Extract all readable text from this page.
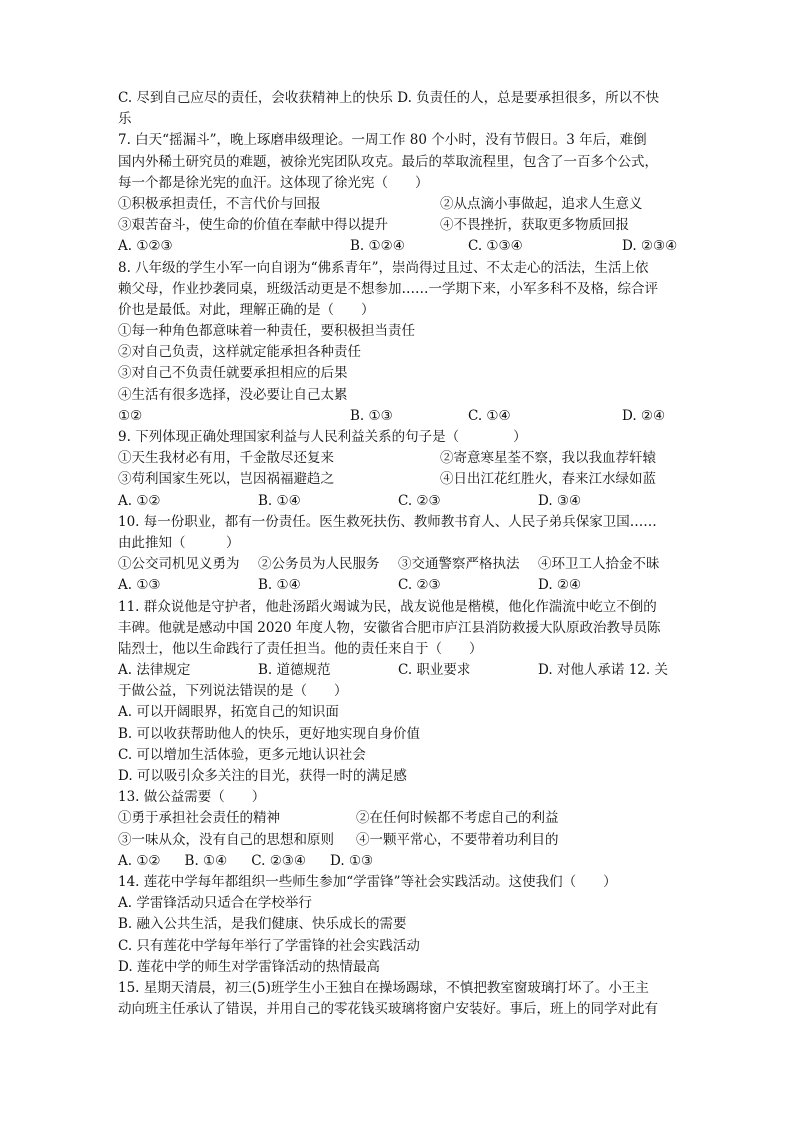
C. 尽到自己应尽的责任，会收获精神上的快乐 D. 负责任的人，总是要承担很多，所以不快
乐
7. 白天“摇漏斗”，晚上琢磨串级理论。一周工作 80 个小时，没有节假日。3 年后，难倒
国内外稀土研究员的难题，被徐光宪团队攻克。最后的萃取流程里，包含了一百多个公式，
每一个都是徐光宪的血汗。这体现了徐光宪（　　）
①积极承担责任，不言代价与回报	②从点滴小事做起，追求人生意义
③艰苦奋斗，使生命的价值在奉献中得以提升	④不畏挫折，获取更多物质回报
A. ①②③	B. ①②④	C. ①③④	D. ②③④
8. 八年级的学生小军一向自诩为“佛系青年”，崇尚得过且过、不太走心的活法，生活上依
赖父母，作业抄袭同桌，班级活动更是不想参加……一学期下来，小军多科不及格，综合评
价也是最低。对此，理解正确的是（　　）
①每一种角色都意味着一种责任，要积极担当责任
②对自己负责，这样就定能承担各种责任
③对自己不负责任就要承担相应的后果
④生活有很多选择，没必要让自己太累
①②	B. ①③	C. ①④	D. ②④
9. 下列体现正确处理国家利益与人民利益关系的句子是（　　　　）
①天生我材必有用，千金散尽还复来	②寄意寒星荃不察，我以我血荐轩辕
③苟利国家生死以，岂因祸福避趋之	④日出江花红胜火，春来江水绿如蓝
A. ①②	B. ①④	C. ②③	D. ③④
10. 每一份职业，都有一份责任。医生救死扶伤、教师教书育人、人民子弟兵保家卫国……
由此推知（　　　）
①公交司机见义勇为	②公务员为人民服务	③交通警察严格执法	④环卫工人拾金不昧
A. ①③	B. ①④	C. ②③	D. ②④
11. 群众说他是守护者，他赴汤蹈火竭诚为民，战友说他是楷模，他化作湍流中屹立不倒的
丰碑。他就是感动中国 2020 年度人物，安徽省合肥市庐江县消防救援大队原政治教导员陈
陆烈士，他以生命践行了责任担当。他的责任来自于（　　）
A. 法律规定	B. 道德规范	C. 职业要求	D. 对他人承诺 12. 关
于做公益，下列说法错误的是（　　）
A. 可以开阔眼界，拓宽自己的知识面
B. 可以收获帮助他人的快乐，更好地实现自身价值
C. 可以增加生活体验，更多元地认识社会
D. 可以吸引众多关注的目光，获得一时的满足感
13. 做公益需要（　　）
①勇于承担社会责任的精神	②在任何时候都不考虑自己的利益
③一味从众，没有自己的思想和原则	④一颗平常心，不要带着功利目的
A. ①② B. ①④ C. ②③④ D. ①③
14. 莲花中学每年都组织一些师生参加“学雷锋”等社会实践活动。这使我们（　　）
A. 学雷锋活动只适合在学校举行
B. 融入公共生活，是我们健康、快乐成长的需要
C. 只有莲花中学每年举行了学雷锋的社会实践活动
D. 莲花中学的师生对学雷锋活动的热情最高
15. 星期天清晨，初三(5)班学生小王独自在操场踢球，不慎把教室窗玻璃打坏了。小王主
动向班主任承认了错误，并用自己的零花钱买玻璃将窗户安装好。事后，班上的同学对此有
